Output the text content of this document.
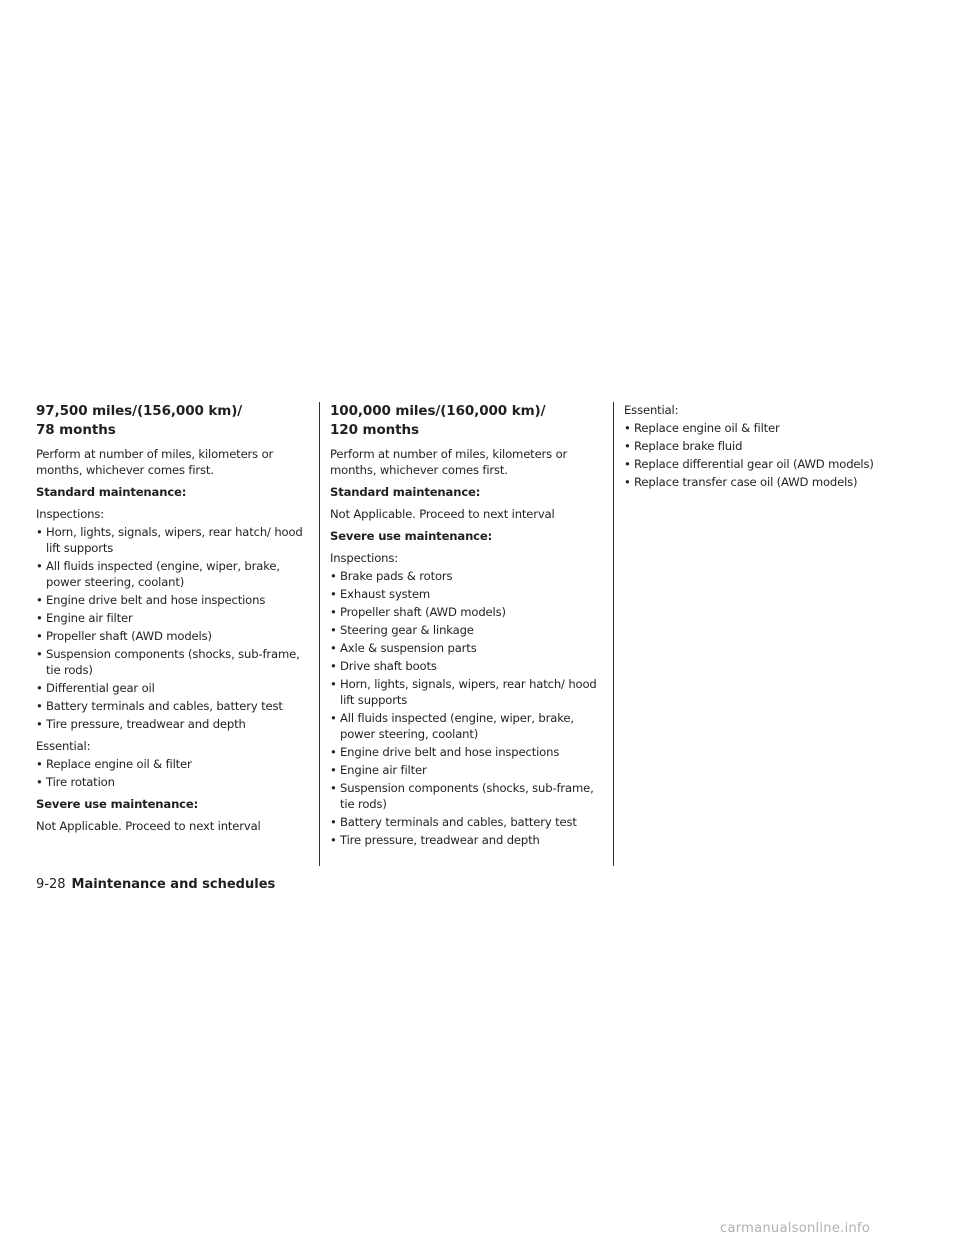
97,500 miles/(156,000 km)/
78 months

Perform at number of miles, kilometers or months, whichever comes first.

Standard maintenance:

Inspections:

• Horn, lights, signals, wipers, rear hatch/ hood lift supports
• All fluids inspected (engine, wiper, brake, power steering, coolant)
• Engine drive belt and hose inspections
• Engine air filter
• Propeller shaft (AWD models)
• Suspension components (shocks, sub-frame, tie rods)
• Differential gear oil
• Battery terminals and cables, battery test
• Tire pressure, treadwear and depth

Essential:

• Replace engine oil & filter
• Tire rotation

Severe use maintenance:

Not Applicable. Proceed to next interval

100,000 miles/(160,000 km)/
120 months

Perform at number of miles, kilometers or months, whichever comes first.

Standard maintenance:

Not Applicable. Proceed to next interval

Severe use maintenance:

Inspections:

• Brake pads & rotors
• Exhaust system
• Propeller shaft (AWD models)
• Steering gear & linkage
• Axle & suspension parts
• Drive shaft boots
• Horn, lights, signals, wipers, rear hatch/ hood lift supports
• All fluids inspected (engine, wiper, brake, power steering, coolant)
• Engine drive belt and hose inspections
• Engine air filter
• Suspension components (shocks, sub-frame, tie rods)
• Battery terminals and cables, battery test
• Tire pressure, treadwear and depth

Essential:

• Replace engine oil & filter
• Replace brake fluid
• Replace differential gear oil (AWD models)
• Replace transfer case oil (AWD models)
9-28 Maintenance and schedules
carmanualsonline.info
